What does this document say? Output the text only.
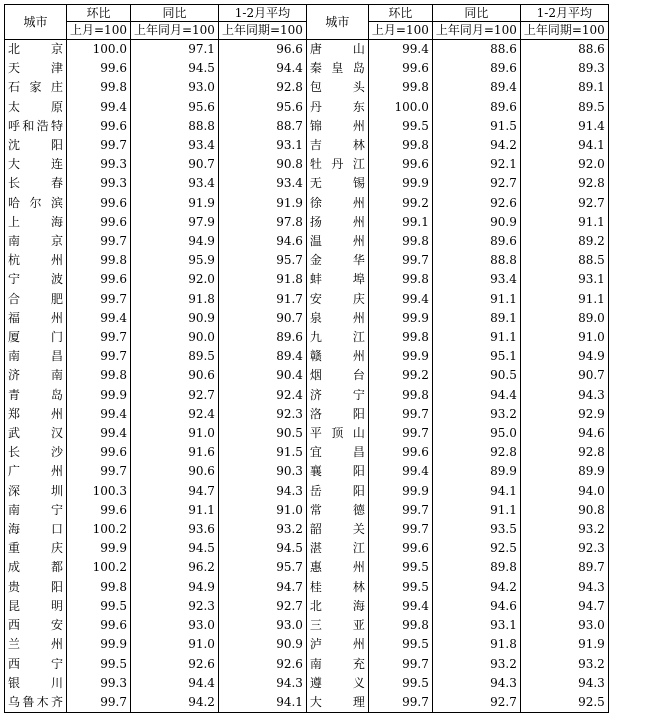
城市	环比	同比	1-2月平均	城市	环比	同比	1-2月平均
	上月=100	上年同月=100	上年同期=100		上月=100	上年同月=100	上年同期=100
北京	100.0	97.1	96.6	唐山	99.4	88.6	88.6
天津	99.6	94.5	94.4	秦皇岛	99.6	89.6	89.3
石家庄	99.8	93.0	92.8	包头	99.8	89.4	89.1
太原	99.4	95.6	95.6	丹东	100.0	89.6	89.5
呼和浩特	99.6	88.8	88.7	锦州	99.5	91.5	91.4
沈阳	99.7	93.4	93.1	吉林	99.8	94.2	94.1
大连	99.3	90.7	90.8	牡丹江	99.6	92.1	92.0
长春	99.3	93.4	93.4	无锡	99.9	92.7	92.8
哈尔滨	99.6	91.9	91.9	徐州	99.2	92.6	92.7
上海	99.6	97.9	97.8	扬州	99.1	90.9	91.1
南京	99.7	94.9	94.6	温州	99.8	89.6	89.2
杭州	99.8	95.9	95.7	金华	99.7	88.8	88.5
宁波	99.6	92.0	91.8	蚌埠	99.8	93.4	93.1
合肥	99.7	91.8	91.7	安庆	99.4	91.1	91.1
福州	99.4	90.9	90.7	泉州	99.9	89.1	89.0
厦门	99.7	90.0	89.6	九江	99.8	91.1	91.0
南昌	99.7	89.5	89.4	赣州	99.9	95.1	94.9
济南	99.8	90.6	90.4	烟台	99.2	90.5	90.7
青岛	99.9	92.7	92.4	济宁	99.8	94.4	94.3
郑州	99.4	92.4	92.3	洛阳	99.7	93.2	92.9
武汉	99.4	91.0	90.5	平顶山	99.7	95.0	94.6
长沙	99.6	91.6	91.5	宜昌	99.6	92.8	92.8
广州	99.7	90.6	90.3	襄阳	99.4	89.9	89.9
深圳	100.3	94.7	94.3	岳阳	99.9	94.1	94.0
南宁	99.6	91.1	91.0	常德	99.7	91.1	90.8
海口	100.2	93.6	93.2	韶关	99.7	93.5	93.2
重庆	99.9	94.5	94.5	湛江	99.6	92.5	92.3
成都	100.2	96.2	95.7	惠州	99.5	89.8	89.7
贵阳	99.8	94.9	94.7	桂林	99.5	94.2	94.3
昆明	99.5	92.3	92.7	北海	99.4	94.6	94.7
西安	99.6	93.0	93.0	三亚	99.8	93.1	93.0
兰州	99.9	91.0	90.9	泸州	99.5	91.8	91.9
西宁	99.5	92.6	92.6	南充	99.7	93.2	93.2
银川	99.3	94.4	94.3	遵义	99.5	94.3	94.3
乌鲁木齐	99.7	94.2	94.1	大理	99.7	92.7	92.5
